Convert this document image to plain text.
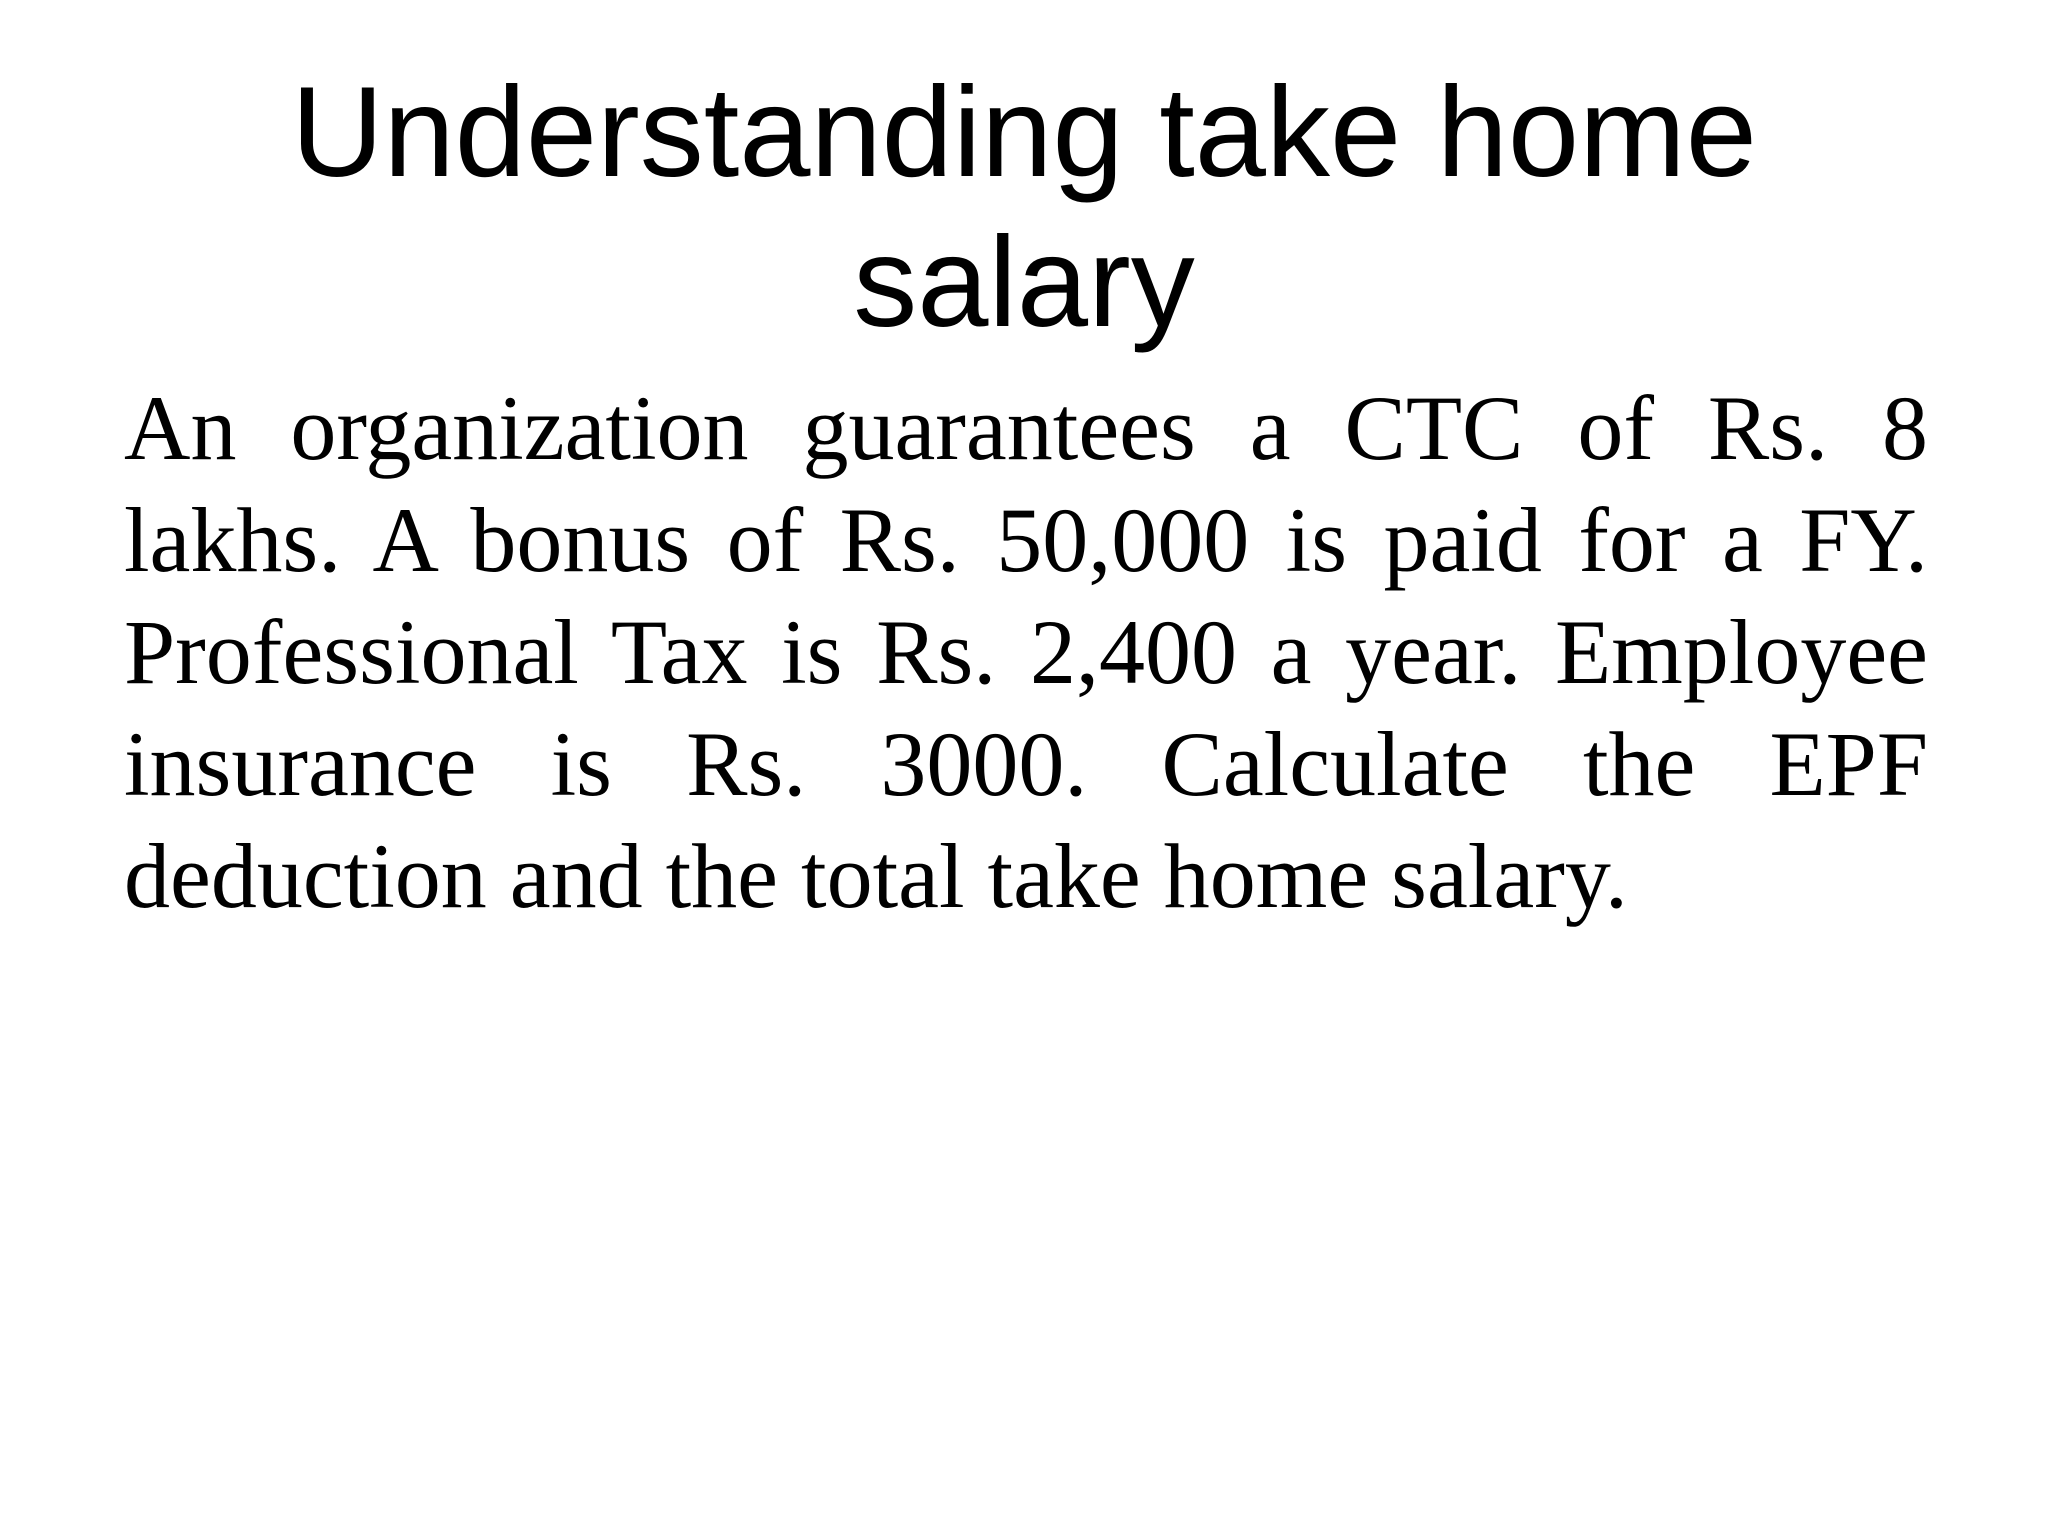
Understanding take home salary

An organization guarantees a CTC of Rs. 8 lakhs. A bonus of Rs. 50,000 is paid for a FY. Professional Tax is Rs. 2,400 a year. Employee insurance is Rs. 3000. Calculate the EPF deduction and the total take home salary.
